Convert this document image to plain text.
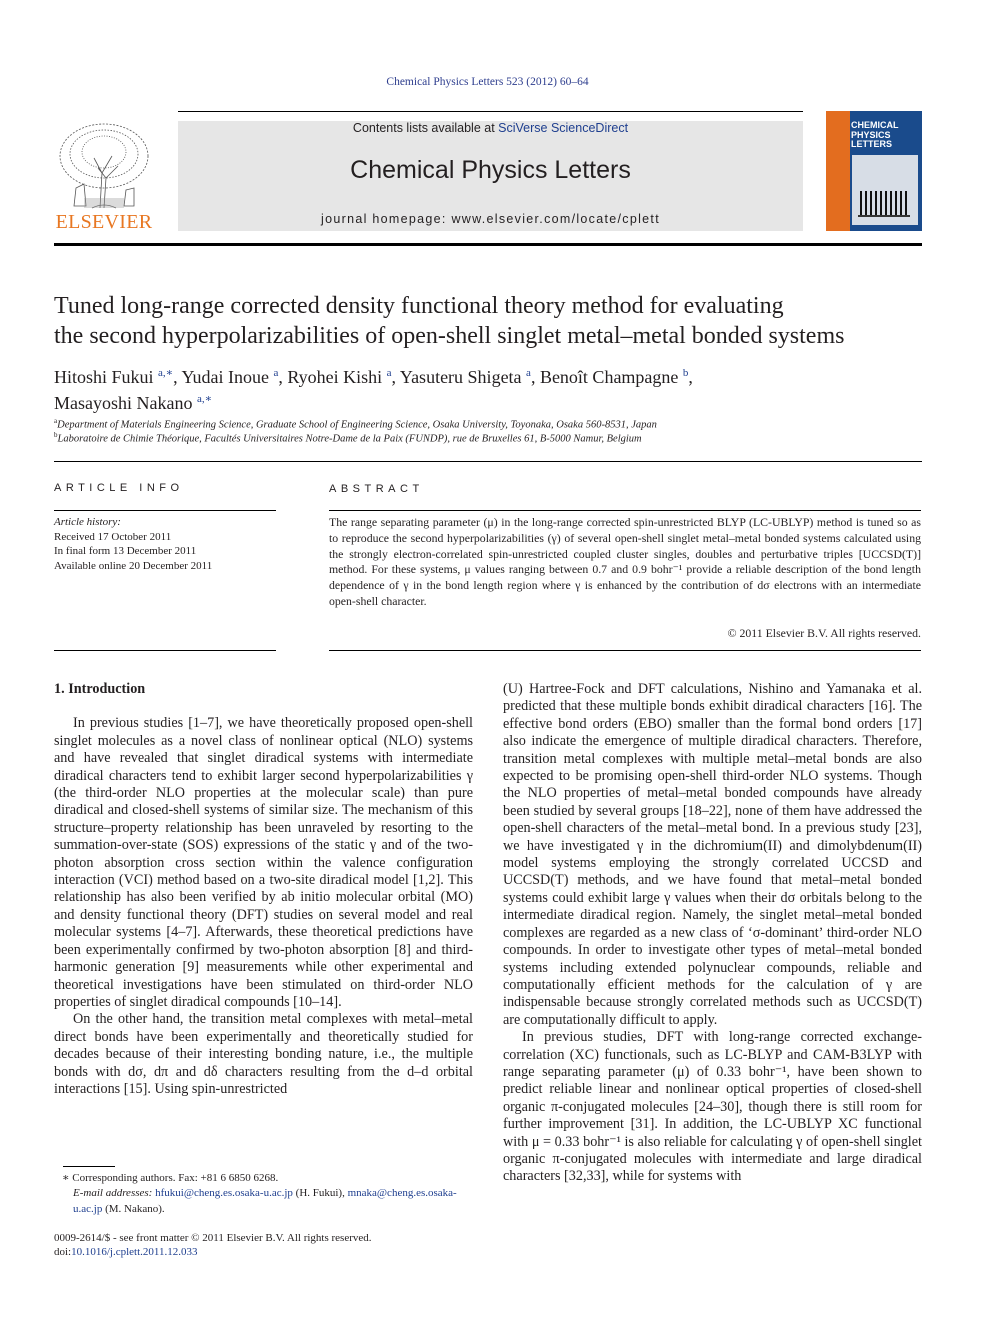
Chemical Physics Letters 523 (2012) 60–64
Contents lists available at SciVerse ScienceDirect
Chemical Physics Letters
journal homepage: www.elsevier.com/locate/cplett
ELSEVIER
CHEMICAL PHYSICS LETTERS
Tuned long-range corrected density functional theory method for evaluating
the second hyperpolarizabilities of open-shell singlet metal–metal bonded systems
Hitoshi Fukui $^{a,∗}$, Yudai Inoue $^a$, Ryohei Kishi $^a$, Yasuteru Shigeta $^a$, Benoît Champagne $^b$,
Masayoshi Nakano $^{a,∗}$
$^a$Department of Materials Engineering Science, Graduate School of Engineering Science, Osaka University, Toyonaka, Osaka 560-8531, Japan
$^b$Laboratoire de Chimie Théorique, Facultés Universitaires Notre-Dame de la Paix (FUNDP), rue de Bruxelles 61, B-5000 Namur, Belgium
ARTICLE INFO
Article history:
Received 17 October 2011
In final form 13 December 2011
Available online 20 December 2011
ABSTRACT
The range separating parameter (μ) in the long-range corrected spin-unrestricted BLYP (LC-UBLYP) method is tuned so as to reproduce the second hyperpolarizabilities (γ) of several open-shell singlet metal–metal bonded systems calculated using the strongly electron-correlated spin-unrestricted coupled cluster singles, doubles and perturbative triples [UCCSD(T)] method. For these systems, μ values ranging between 0.7 and 0.9 bohr⁻¹ provide a reliable description of the bond length dependence of γ in the bond length region where γ is enhanced by the contribution of dσ electrons with an intermediate open-shell character.
© 2011 Elsevier B.V. All rights reserved.

1. Introduction

In previous studies [1–7], we have theoretically proposed open-shell singlet molecules as a novel class of nonlinear optical (NLO) systems and have revealed that singlet diradical systems with intermediate diradical characters tend to exhibit larger second hyperpolarizabilities γ (the third-order NLO properties at the molecular scale) than pure diradical and closed-shell systems of similar size. The mechanism of this structure–property relationship has been unraveled by resorting to the summation-over-state (SOS) expressions of the static γ and of the two-photon absorption cross section within the valence configuration interaction (VCI) method based on a two-site diradical model [1,2]. This relationship has also been verified by ab initio molecular orbital (MO) and density functional theory (DFT) studies on several model and real molecular systems [4–7]. Afterwards, these theoretical predictions have been experimentally confirmed by two-photon absorption [8] and third-harmonic generation [9] measurements while other experimental and theoretical investigations have been stimulated on third-order NLO properties of singlet diradical compounds [10–14].

On the other hand, the transition metal complexes with metal–metal direct bonds have been experimentally and theoretically studied for decades because of their interesting bonding nature, i.e., the multiple bonds with dσ, dπ and dδ characters resulting from the d–d orbital interactions [15]. Using spin-unrestricted

(U) Hartree-Fock and DFT calculations, Nishino and Yamanaka et al. predicted that these multiple bonds exhibit diradical characters [16]. The effective bond orders (EBO) smaller than the formal bond orders [17] also indicate the emergence of multiple diradical characters. Therefore, transition metal complexes with multiple metal–metal bonds are also expected to be promising open-shell third-order NLO systems. Though the NLO properties of metal–metal bonded compounds have already been studied by several groups [18–22], none of them have addressed the open-shell characters of the metal–metal bond. In a previous study [23], we have investigated γ in the dichromium(II) and dimolybdenum(II) model systems employing the strongly correlated UCCSD and UCCSD(T) methods, and we have found that metal–metal bonded systems could exhibit large γ values when their dσ orbitals belong to the intermediate diradical region. Namely, the singlet metal–metal bonded complexes are regarded as a new class of ‘σ-dominant’ third-order NLO compounds. In order to investigate other types of metal–metal bonded systems including extended polynuclear compounds, reliable and computationally efficient methods for the calculation of γ are indispensable because strongly correlated methods such as UCCSD(T) are computationally difficult to apply.

In previous studies, DFT with long-range corrected exchange-correlation (XC) functionals, such as LC-BLYP and CAM-B3LYP with range separating parameter (μ) of 0.33 bohr⁻¹, have been shown to predict reliable linear and nonlinear optical properties of closed-shell organic π-conjugated molecules [24–30], though there is still room for further improvement [31]. In addition, the LC-UBLYP XC functional with μ = 0.33 bohr⁻¹ is also reliable for calculating γ of open-shell singlet organic π-conjugated molecules with intermediate and large diradical characters [32,33], while for systems with

∗ Corresponding authors. Fax: +81 6 6850 6268.
E-mail addresses: hfukui@cheng.es.osaka-u.ac.jp (H. Fukui), mnaka@cheng.es.osaka-u.ac.jp (M. Nakano).
0009-2614/$ - see front matter © 2011 Elsevier B.V. All rights reserved.
doi:10.1016/j.cplett.2011.12.033
